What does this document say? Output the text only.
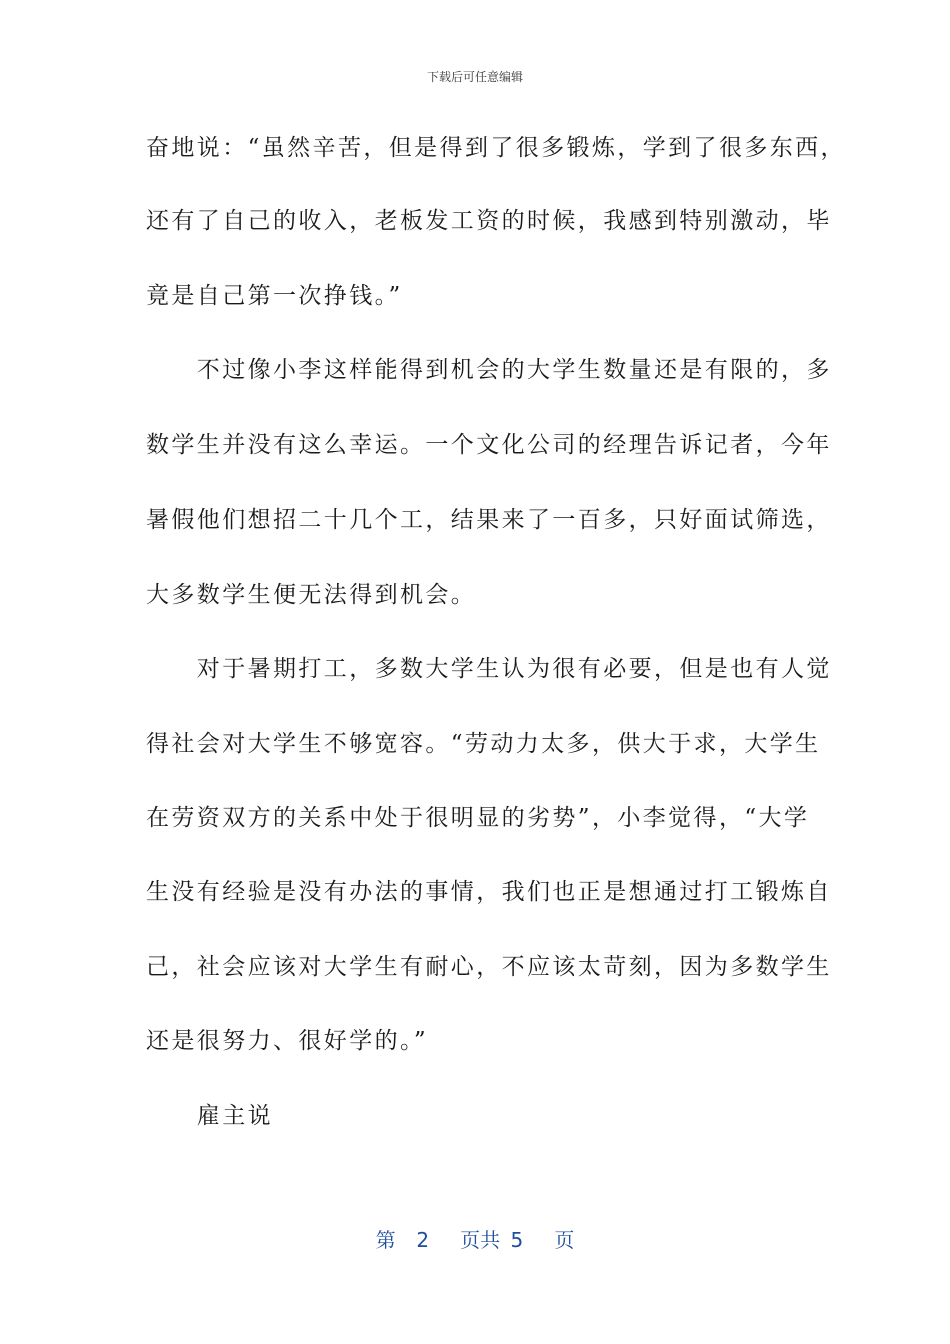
下载后可任意编辑
奋地说：“虽然辛苦，但是得到了很多锻炼，学到了很多东西，
还有了自己的收入，老板发工资的时候，我感到特别激动，毕
竟是自己第一次挣钱。”
　　不过像小李这样能得到机会的大学生数量还是有限的，多
数学生并没有这么幸运。一个文化公司的经理告诉记者，今年
暑假他们想招二十几个工，结果来了一百多，只好面试筛选，
大多数学生便无法得到机会。
　　对于暑期打工，多数大学生认为很有必要，但是也有人觉
得社会对大学生不够宽容。“劳动力太多，供大于求，大学生
在劳资双方的关系中处于很明显的劣势”，小李觉得，“大学
生没有经验是没有办法的事情，我们也正是想通过打工锻炼自
己，社会应该对大学生有耐心，不应该太苛刻，因为多数学生
还是很努力、很好学的。”
　　雇主说
第  2   页共 5   页
